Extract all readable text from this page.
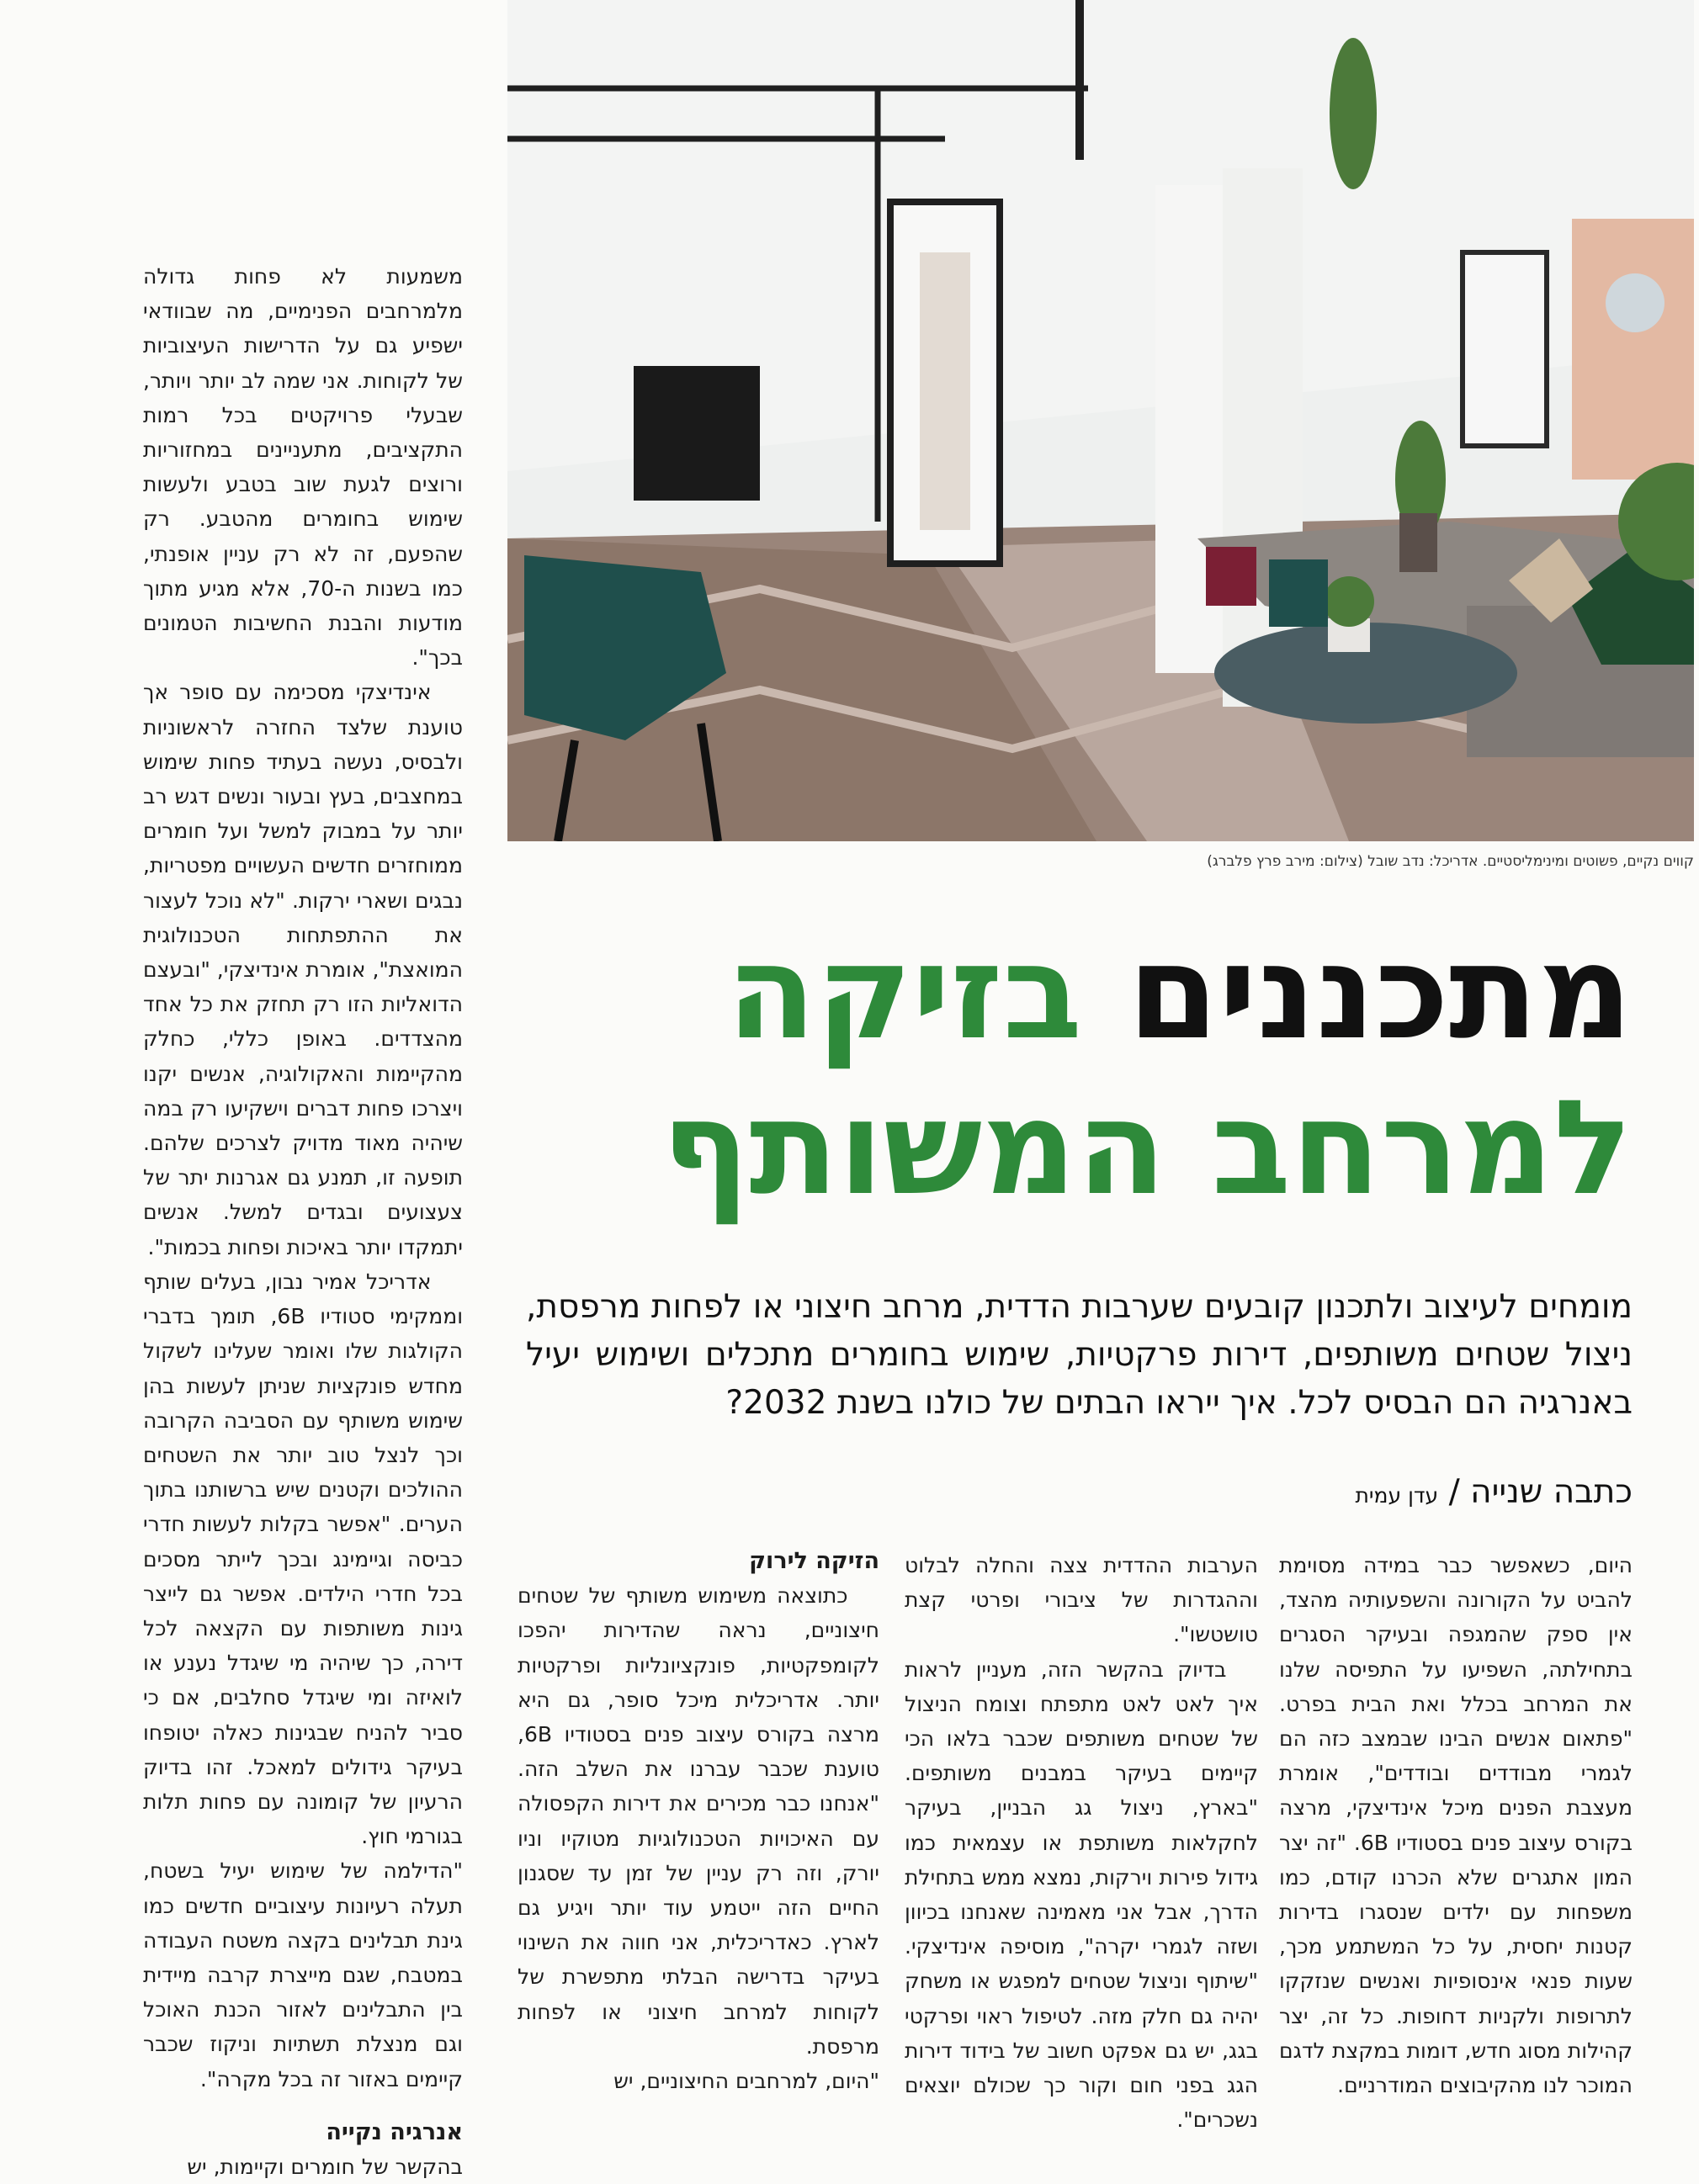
משמעות לא פחות גדולה מלמרחבים הפנימיים, מה שבוודאי ישפיע גם על הדרישות העיצוביות של לקוחות. אני שמה לב יותר ויותר, שבעלי פרויקטים בכל רמות התקציבים, מתעניינים במחזוריות ורוצים לגעת שוב בטבע ולעשות שימוש בחומרים מהטבע. רק שהפעם, זה לא רק עניין אופנתי, כמו בשנות ה-70, אלא מגיע מתוך מודעות והבנת החשיבות הטמונים בכך".

אינדיצקי מסכימה עם סופר אך טוענת שלצד החזרה לראשוניות ולבסיס, נעשה בעתיד פחות שימוש במחצבים, בעץ ובעור ונשים דגש רב יותר על במבוק למשל ועל חומרים ממוחזרים חדשים העשויים מפטריות, נבגים ושארי ירקות. "לא נוכל לעצור את ההתפתחות הטכנולוגית המואצת", אומרת אינדיצקי, "ובעצם הדואליות הזו רק תחזק את כל אחד מהצדדים. באופן כללי, כחלק מהקיימות והאקולוגיה, אנשים יקנו ויצרכו פחות דברים וישקיעו רק במה שיהיה מאוד מדויק לצרכים שלהם. תופעה זו, תמנע גם אגרנות יתר של צעצועים ובגדים למשל. אנשים יתמקדו יותר באיכות ופחות בכמות".

אדריכל אמיר נבון, בעלים שותף וממקימי סטודיו 6B, תומך בדברי הקולגות שלו ואומר שעלינו לשקול מחדש פונקציות שניתן לעשות בהן שימוש משותף עם הסביבה הקרובה וכך לנצל טוב יותר את השטחים ההולכים וקטנים שיש ברשותנו בתוך הערים. "אפשר בקלות לעשות חדרי כביסה וגיימינג ובכך לייתר מסכים בכל חדרי הילדים. אפשר גם לייצר גינות משותפות עם הקצאה לכל דירה, כך שיהיה מי שיגדל נענע או לואיזה ומי שיגדל סחלבים, אם כי סביר להניח שבגינות כאלה יטופחו בעיקר גידולים למאכל. זהו בדיוק הרעיון של קומונה עם פחות תלות בגורמי חוץ.

"הדילמה של שימוש יעיל בשטח, תעלה רעיונות עיצוביים חדשים כמו גינת תבלינים בקצה משטח העבודה במטבח, שגם מייצרת קרבה מיידית בין התבלינים לאזור הכנת האוכל וגם מנצלת תשתיות וניקוז שכבר קיימים באזור זה בכל מקרה".

אנרגיה נקייה

בהקשר של חומרים וקיימות, יש

קווים נקיים, פשוטים ומינימליסטיים. אדריכל: נדב שובל (צילום: מירב פרץ פלברג)
מתכננים בזיקה
למרחב המשותף

מומחים לעיצוב ולתכנון קובעים שערבות הדדית, מרחב חיצוני או לפחות מרפסת, ניצול שטחים משותפים, דירות פרקטיות, שימוש בחומרים מתכלים ושימוש יעיל באנרגיה הם הבסיס לכל. איך ייראו הבתים של כולנו בשנת 2032?

כתבה שנייה / עדן עמית

היום, כשאפשר כבר במידה מסוימת להביט על הקורונה והשפעותיה מהצד, אין ספק שהמגפה ובעיקר הסגרים בתחילתה, השפיעו על התפיסה שלנו את המרחב בכלל ואת הבית בפרט. "פתאום אנשים הבינו שבמצב כזה הם לגמרי מבודדים ובודדים", אומרת מעצבת הפנים מיכל אינדיצקי, מרצה בקורס עיצוב פנים בסטודיו 6B. "זה יצר המון אתגרים שלא הכרנו קודם, כמו משפחות עם ילדים שנסגרו בדירות קטנות יחסית, על כל המשתמע מכך, שעות פנאי אינסופיות ואנשים שנזקקו לתרופות ולקניות דחופות. כל זה, יצר קהילות מסוג חדש, דומות במקצת לדגם המוכר לנו מהקיבוצים המודרניים.

הערבות ההדדית צצה והחלה לבלוט וההגדרות של ציבורי ופרטי קצת טושטשו".

בדיוק בהקשר הזה, מעניין לראות איך לאט לאט מתפתח וצומח הניצול של שטחים משותפים שכבר בלאו הכי קיימים בעיקר במבנים משותפים. "בארץ, ניצול גג הבניין, בעיקר לחקלאות משותפת או עצמאית כמו גידול פירות וירקות, נמצא ממש בתחילת הדרך, אבל אני מאמינה שאנחנו בכיוון ושזה לגמרי יקרה", מוסיפה אינדיצקי. "שיתוף וניצול שטחים למפגש או משחק יהיה גם חלק מזה. לטיפול ראוי ופרקטי בגג, יש גם אפקט חשוב של בידוד דירות הגג בפני חום וקור כך שכולם יוצאים נשכרים".

הזיקה לירוק

כתוצאה משימוש משותף של שטחים חיצוניים, נראה שהדירות יהפכו לקומפקטיות, פונקציונליות ופרקטיות יותר. אדריכלית מיכל סופר, גם היא מרצה בקורס עיצוב פנים בסטודיו 6B, טוענת שכבר עברנו את השלב הזה. "אנחנו כבר מכירים את דירות הקפסולה עם האיכויות הטכנולוגיות מטוקיו וניו יורק, וזה רק עניין של זמן עד שסגנון החיים הזה ייטמע עוד יותר ויגיע גם לארץ. כאדריכלית, אני חווה את השינוי בעיקר בדרישה הבלתי מתפשרת של לקוחות למרחב חיצוני או לפחות מרפסת.

"היום, למרחבים החיצוניים, יש
